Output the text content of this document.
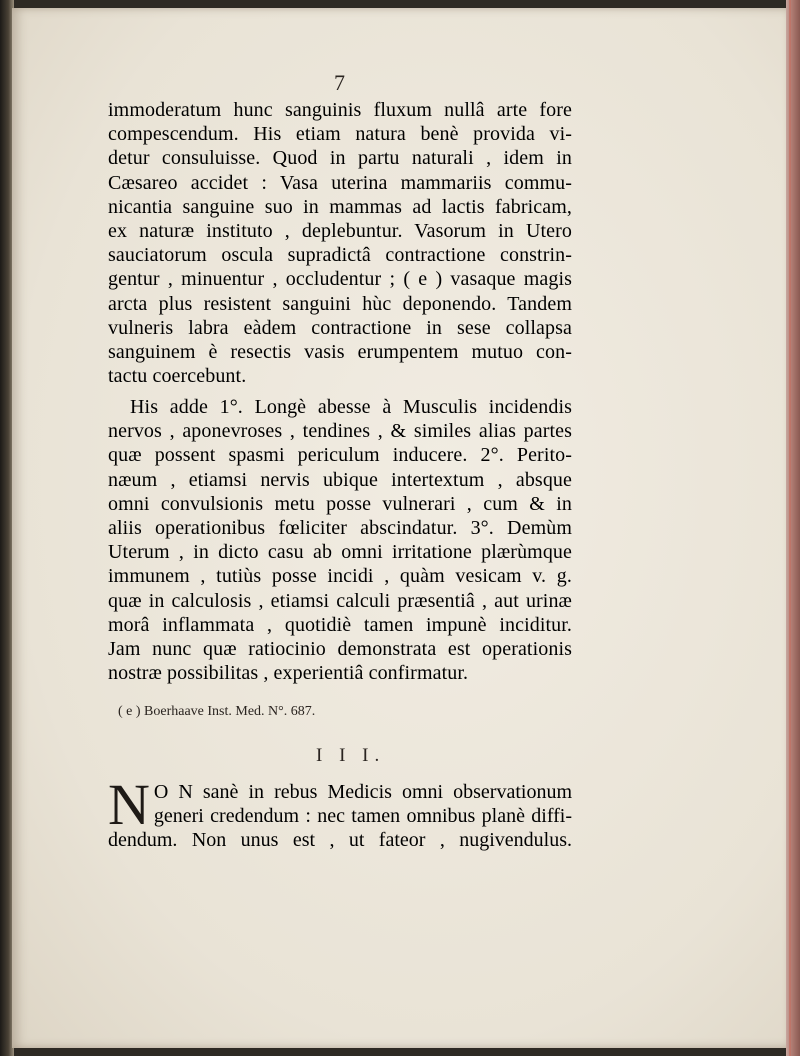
7
immoderatum hunc sanguinis fluxum nullâ arte fore
compescendum. His etiam natura benè provida vi-
detur consuluisse. Quod in partu naturali , idem in
Cæsareo accidet : Vasa uterina mammariis commu-
nicantia sanguine suo in mammas ad lactis fabricam,
ex naturæ instituto , deplebuntur. Vasorum in Utero
sauciatorum oscula supradictâ contractione constrin-
gentur , minuentur , occludentur ; ( e ) vasaque magis
arcta plus resistent sanguini hùc deponendo. Tandem
vulneris labra eàdem contractione in sese collapsa
sanguinem è resectis vasis erumpentem mutuo con-
tactu coercebunt.
His adde 1°. Longè abesse à Musculis incidendis
nervos , aponevroses , tendines , & similes alias partes
quæ possent spasmi periculum inducere. 2°. Perito-
næum , etiamsi nervis ubique intertextum , absque
omni convulsionis metu posse vulnerari , cum & in
aliis operationibus fœliciter abscindatur. 3°. Demùm
Uterum , in dicto casu ab omni irritatione plærùmque
immunem , tutiùs posse incidi , quàm vesicam v. g.
quæ in calculosis , etiamsi calculi præsentiâ , aut urinæ
morâ inflammata , quotidiè tamen impunè inciditur.
Jam nunc quæ ratiocinio demonstrata est operationis
nostræ possibilitas , experientiâ confirmatur.
( e ) Boerhaave Inst. Med. N°. 687.
I I I.
N O N sanè in rebus Medicis omni observationum
generi credendum : nec tamen omnibus planè diffi-
dendum. Non unus est , ut fateor , nugivendulus.
